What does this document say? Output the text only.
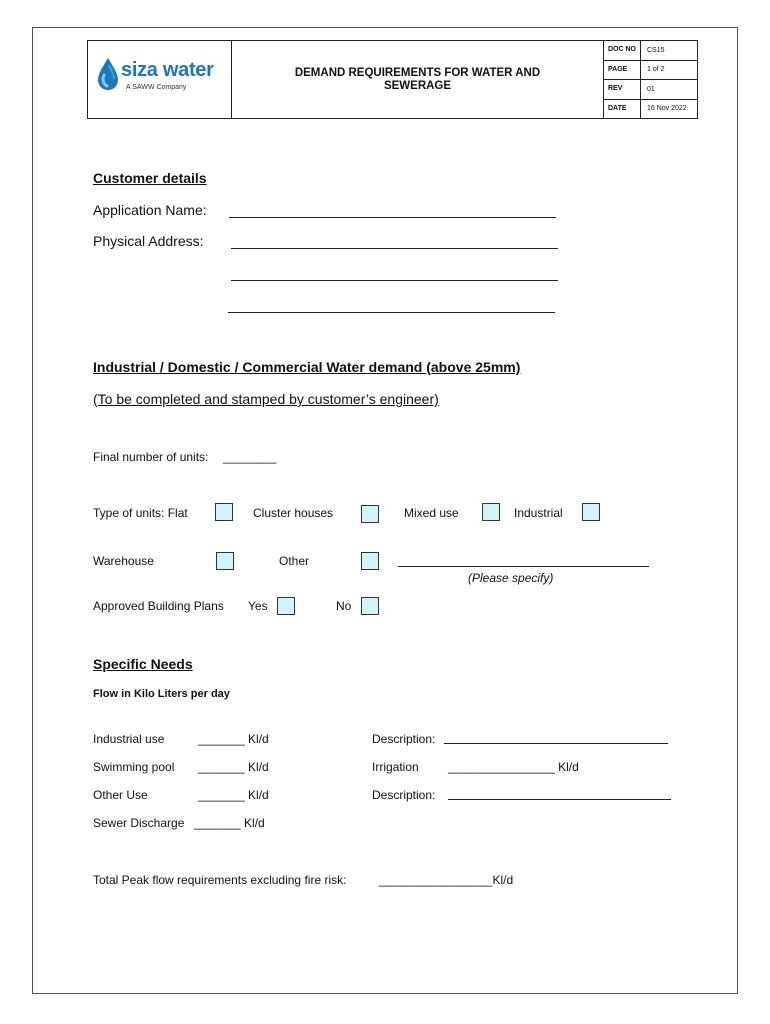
siza water
A SAWW Company
DEMAND REQUIREMENTS FOR WATER AND SEWERAGE
DOC NO	CS15
PAGE	1 of 2
REV	01
DATE	16 Nov 2022
Customer details
Application Name:
Physical Address:
Industrial / Domestic / Commercial Water demand (above 25mm)
(To be completed and stamped by customer’s engineer)
Final number of units: ________
Type of units: Flat	Cluster houses	Mixed use	Industrial
Warehouse	Other
(Please specify)
Approved Building Plans Yes	No
Specific Needs
Flow in Kilo Liters per day
Industrial use	_______ Kl/d	Description:
Swimming pool _______ Kl/d	Irrigation ________________ Kl/d
Other Use	_______ Kl/d	Description:
Sewer Discharge _______ Kl/d
Total Peak flow requirements excluding fire risk:	_________________Kl/d
